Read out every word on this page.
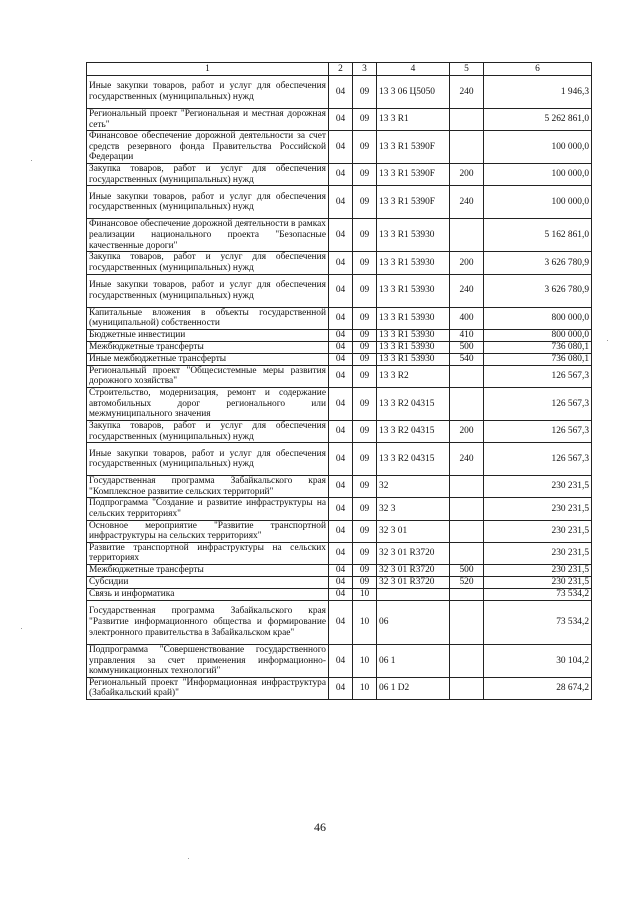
1	2	3	4	5	6
Иные закупки товаров, работ и услуг для обеспечения государственных (муниципальных) нужд	04	09	13 3 06 Ц5050	240	1 946,3
Региональный проект "Региональная и местная дорожная сеть"	04	09	13 3 R1		5 262 861,0
Финансовое обеспечение дорожной деятельности за счет средств резервного фонда Правительства Российской Федерации	04	09	13 3 R1 5390F		100 000,0
Закупка товаров, работ и услуг для обеспечения государственных (муниципальных) нужд	04	09	13 3 R1 5390F	200	100 000,0
Иные закупки товаров, работ и услуг для обеспечения государственных (муниципальных) нужд	04	09	13 3 R1 5390F	240	100 000,0
Финансовое обеспечение дорожной деятельности в рамках реализации национального проекта "Безопасные качественные дороги"	04	09	13 3 R1 53930		5 162 861,0
Закупка товаров, работ и услуг для обеспечения государственных (муниципальных) нужд	04	09	13 3 R1 53930	200	3 626 780,9
Иные закупки товаров, работ и услуг для обеспечения государственных (муниципальных) нужд	04	09	13 3 R1 53930	240	3 626 780,9
Капитальные вложения в объекты государственной (муниципальной) собственности	04	09	13 3 R1 53930	400	800 000,0
Бюджетные инвестиции	04	09	13 3 R1 53930	410	800 000,0
Межбюджетные трансферты	04	09	13 3 R1 53930	500	736 080,1
Иные межбюджетные трансферты	04	09	13 3 R1 53930	540	736 080,1
Региональный проект "Общесистемные меры развития дорожного хозяйства"	04	09	13 3 R2		126 567,3
Строительство, модернизация, ремонт и содержание автомобильных дорог регионального или межмуниципального значения	04	09	13 3 R2 04315		126 567,3
Закупка товаров, работ и услуг для обеспечения государственных (муниципальных) нужд	04	09	13 3 R2 04315	200	126 567,3
Иные закупки товаров, работ и услуг для обеспечения государственных (муниципальных) нужд	04	09	13 3 R2 04315	240	126 567,3
Государственная программа Забайкальского края "Комплексное развитие сельских территорий"	04	09	32		230 231,5
Подпрограмма "Создание и развитие инфраструктуры на сельских территориях"	04	09	32 3		230 231,5
Основное мероприятие "Развитие транспортной инфраструктуры на сельских территориях"	04	09	32 3 01		230 231,5
Развитие транспортной инфраструктуры на сельских территориях	04	09	32 3 01 R3720		230 231,5
Межбюджетные трансферты	04	09	32 3 01 R3720	500	230 231,5
Субсидии	04	09	32 3 01 R3720	520	230 231,5
Связь и информатика	04	10			73 534,2
Государственная программа Забайкальского края "Развитие информационного общества и формирование электронного правительства в Забайкальском крае"	04	10	06		73 534,2
Подпрограмма "Совершенствование государственного управления за счет применения информационно-коммуникационных технологий"	04	10	06 1		30 104,2
Региональный проект "Информационная инфраструктура (Забайкальский край)"	04	10	06 1 D2		28 674,2
46
